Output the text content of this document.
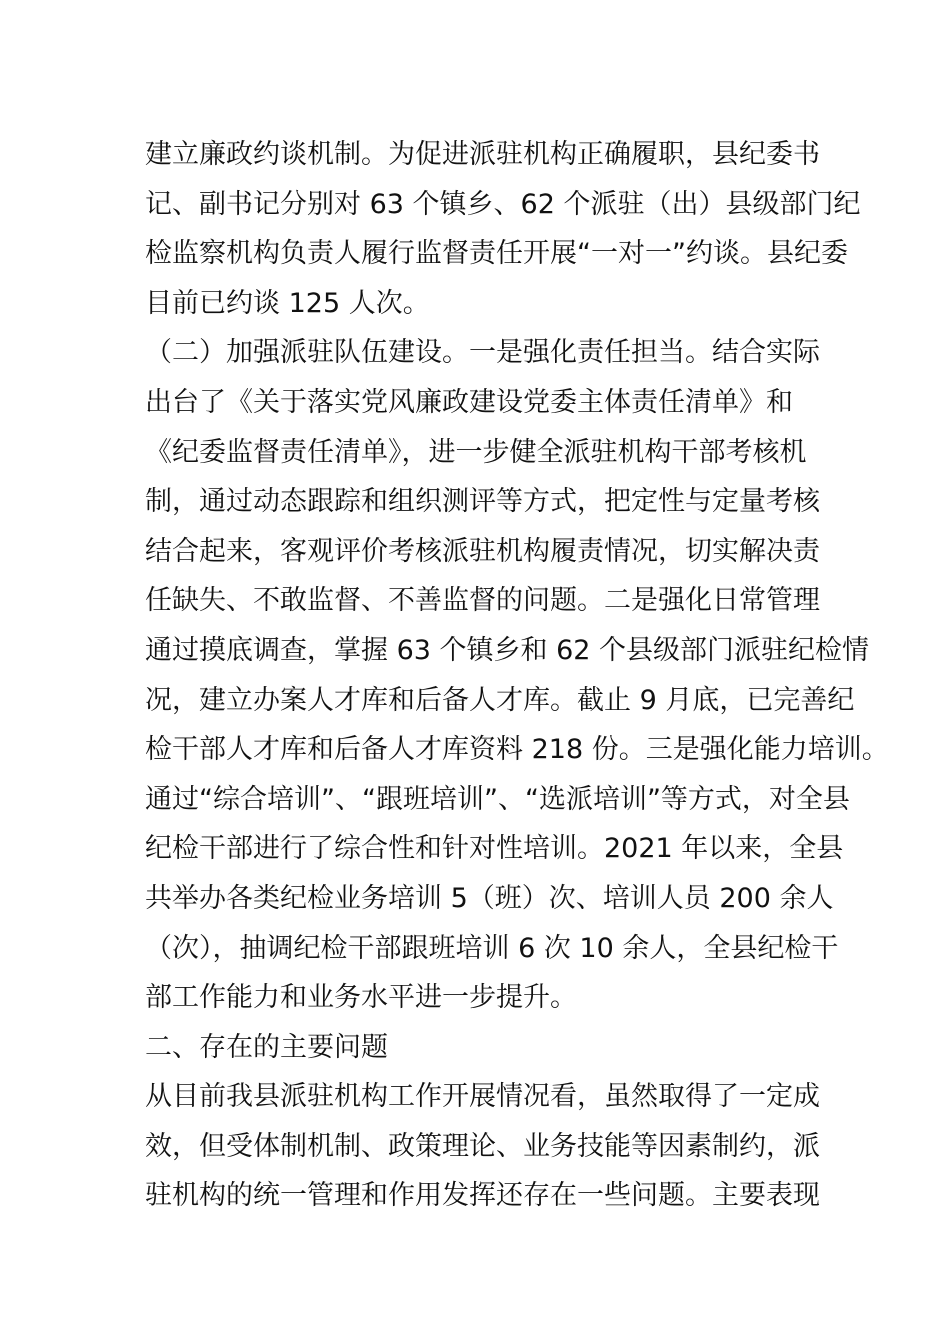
建立廉政约谈机制。为促进派驻机构正确履职，县纪委书
记、副书记分别对 63 个镇乡、62 个派驻（出）县级部门纪
检监察机构负责人履行监督责任开展“一对一”约谈。县纪委
目前已约谈 125 人次。
（二）加强派驻队伍建设。一是强化责任担当。结合实际
出台了《关于落实党风廉政建设党委主体责任清单》和
《纪委监督责任清单》，进一步健全派驻机构干部考核机
制，通过动态跟踪和组织测评等方式，把定性与定量考核
结合起来，客观评价考核派驻机构履责情况，切实解决责
任缺失、不敢监督、不善监督的问题。二是强化日常管理
通过摸底调查，掌握 63 个镇乡和 62 个县级部门派驻纪检情
况，建立办案人才库和后备人才库。截止 9 月底，已完善纪
检干部人才库和后备人才库资料 218 份。三是强化能力培训。
通过“综合培训”、“跟班培训”、“选派培训”等方式，对全县
纪检干部进行了综合性和针对性培训。2021 年以来，全县
共举办各类纪检业务培训 5（班）次、培训人员 200 余人
（次），抽调纪检干部跟班培训 6 次 10 余人，全县纪检干
部工作能力和业务水平进一步提升。
二、存在的主要问题
从目前我县派驻机构工作开展情况看，虽然取得了一定成
效，但受体制机制、政策理论、业务技能等因素制约，派
驻机构的统一管理和作用发挥还存在一些问题。主要表现
